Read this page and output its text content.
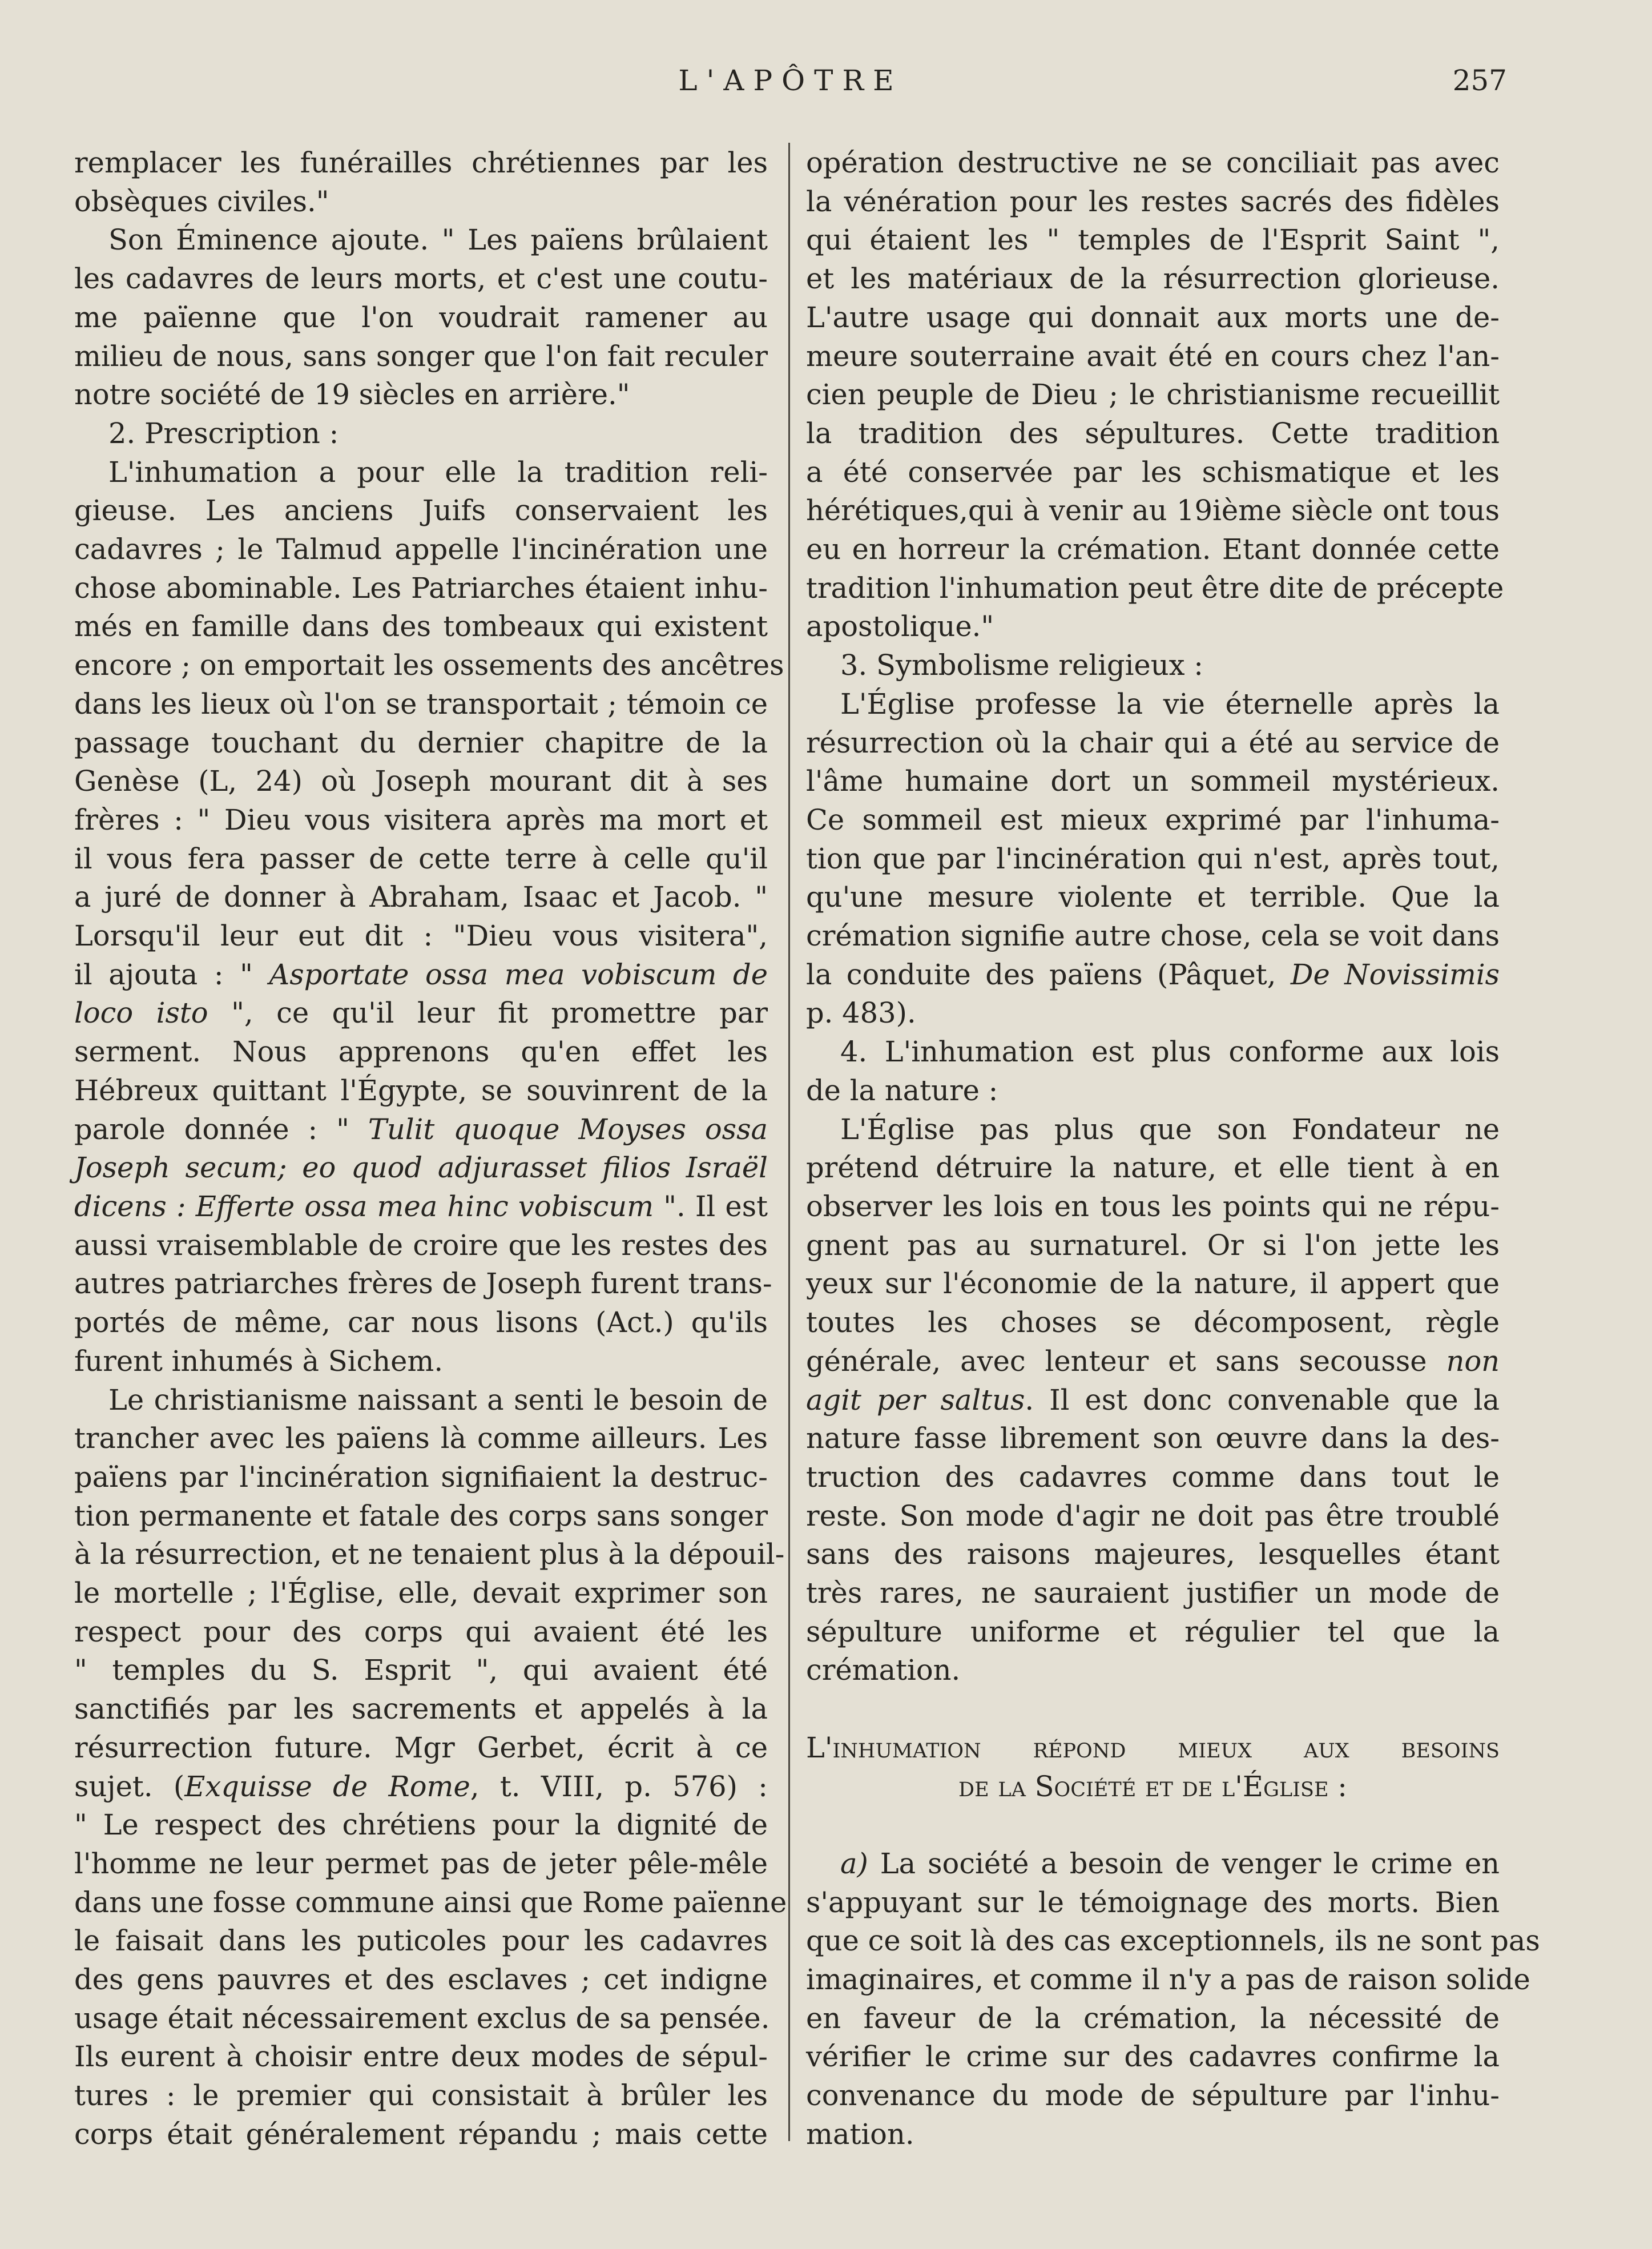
L'APÔTRE	257
remplacer les funérailles chrétiennes par les
obsèques civiles."
Son Éminence ajoute. " Les païens brûlaient
les cadavres de leurs morts, et c'est une coutu-
me païenne que l'on voudrait ramener au
milieu de nous, sans songer que l'on fait reculer
notre société de 19 siècles en arrière."
2. Prescription :
L'inhumation a pour elle la tradition reli-
gieuse. Les anciens Juifs conservaient les
cadavres ; le Talmud appelle l'incinération une
chose abominable. Les Patriarches étaient inhu-
més en famille dans des tombeaux qui existent
encore ; on emportait les ossements des ancêtres
dans les lieux où l'on se transportait ; témoin ce
passage touchant du dernier chapitre de la
Genèse (L, 24) où Joseph mourant dit à ses
frères : " Dieu vous visitera après ma mort et
il vous fera passer de cette terre à celle qu'il
a juré de donner à Abraham, Isaac et Jacob. "
Lorsqu'il leur eut dit : "Dieu vous visitera",
il ajouta : " Asportate ossa mea vobiscum de
loco isto ", ce qu'il leur fit promettre par
serment. Nous apprenons qu'en effet les
Hébreux quittant l'Égypte, se souvinrent de la
parole donnée : " Tulit quoque Moyses ossa
Joseph secum; eo quod adjurasset filios Israël
dicens : Efferte ossa mea hinc vobiscum ". Il est
aussi vraisemblable de croire que les restes des
autres patriarches frères de Joseph furent trans-
portés de même, car nous lisons (Act.) qu'ils
furent inhumés à Sichem.
Le christianisme naissant a senti le besoin de
trancher avec les païens là comme ailleurs. Les
païens par l'incinération signifiaient la destruc-
tion permanente et fatale des corps sans songer
à la résurrection, et ne tenaient plus à la dépouil-
le mortelle ; l'Église, elle, devait exprimer son
respect pour des corps qui avaient été les
" temples du S. Esprit ", qui avaient été
sanctifiés par les sacrements et appelés à la
résurrection future. Mgr Gerbet, écrit à ce
sujet. (Exquisse de Rome, t. VIII, p. 576) :
" Le respect des chrétiens pour la dignité de
l'homme ne leur permet pas de jeter pêle-mêle
dans une fosse commune ainsi que Rome païenne
le faisait dans les puticoles pour les cadavres
des gens pauvres et des esclaves ; cet indigne
usage était nécessairement exclus de sa pensée.
Ils eurent à choisir entre deux modes de sépul-
tures : le premier qui consistait à brûler les
corps était généralement répandu ; mais cette
opération destructive ne se conciliait pas avec
la vénération pour les restes sacrés des fidèles
qui étaient les " temples de l'Esprit Saint ",
et les matériaux de la résurrection glorieuse.
L'autre usage qui donnait aux morts une de-
meure souterraine avait été en cours chez l'an-
cien peuple de Dieu ; le christianisme recueillit
la tradition des sépultures. Cette tradition
a été conservée par les schismatique et les
hérétiques,qui à venir au 19ième siècle ont tous
eu en horreur la crémation. Etant donnée cette
tradition l'inhumation peut être dite de précepte
apostolique."
3. Symbolisme religieux :
L'Église professe la vie éternelle après la
résurrection où la chair qui a été au service de
l'âme humaine dort un sommeil mystérieux.
Ce sommeil est mieux exprimé par l'inhuma-
tion que par l'incinération qui n'est, après tout,
qu'une mesure violente et terrible. Que la
crémation signifie autre chose, cela se voit dans
la conduite des païens (Pâquet, De Novissimis
p. 483).
4. L'inhumation est plus conforme aux lois
de la nature :
L'Église pas plus que son Fondateur ne
prétend détruire la nature, et elle tient à en
observer les lois en tous les points qui ne répu-
gnent pas au surnaturel. Or si l'on jette les
yeux sur l'économie de la nature, il appert que
toutes les choses se décomposent, règle
générale, avec lenteur et sans secousse non
agit per saltus. Il est donc convenable que la
nature fasse librement son œuvre dans la des-
truction des cadavres comme dans tout le
reste. Son mode d'agir ne doit pas être troublé
sans des raisons majeures, lesquelles étant
très rares, ne sauraient justifier un mode de
sépulture uniforme et régulier tel que la
crémation.
L'inhumation répond mieux aux besoins
de la Société et de l'Église :
a) La société a besoin de venger le crime en
s'appuyant sur le témoignage des morts. Bien
que ce soit là des cas exceptionnels, ils ne sont pas
imaginaires, et comme il n'y a pas de raison solide
en faveur de la crémation, la nécessité de
vérifier le crime sur des cadavres confirme la
convenance du mode de sépulture par l'inhu-
mation.
